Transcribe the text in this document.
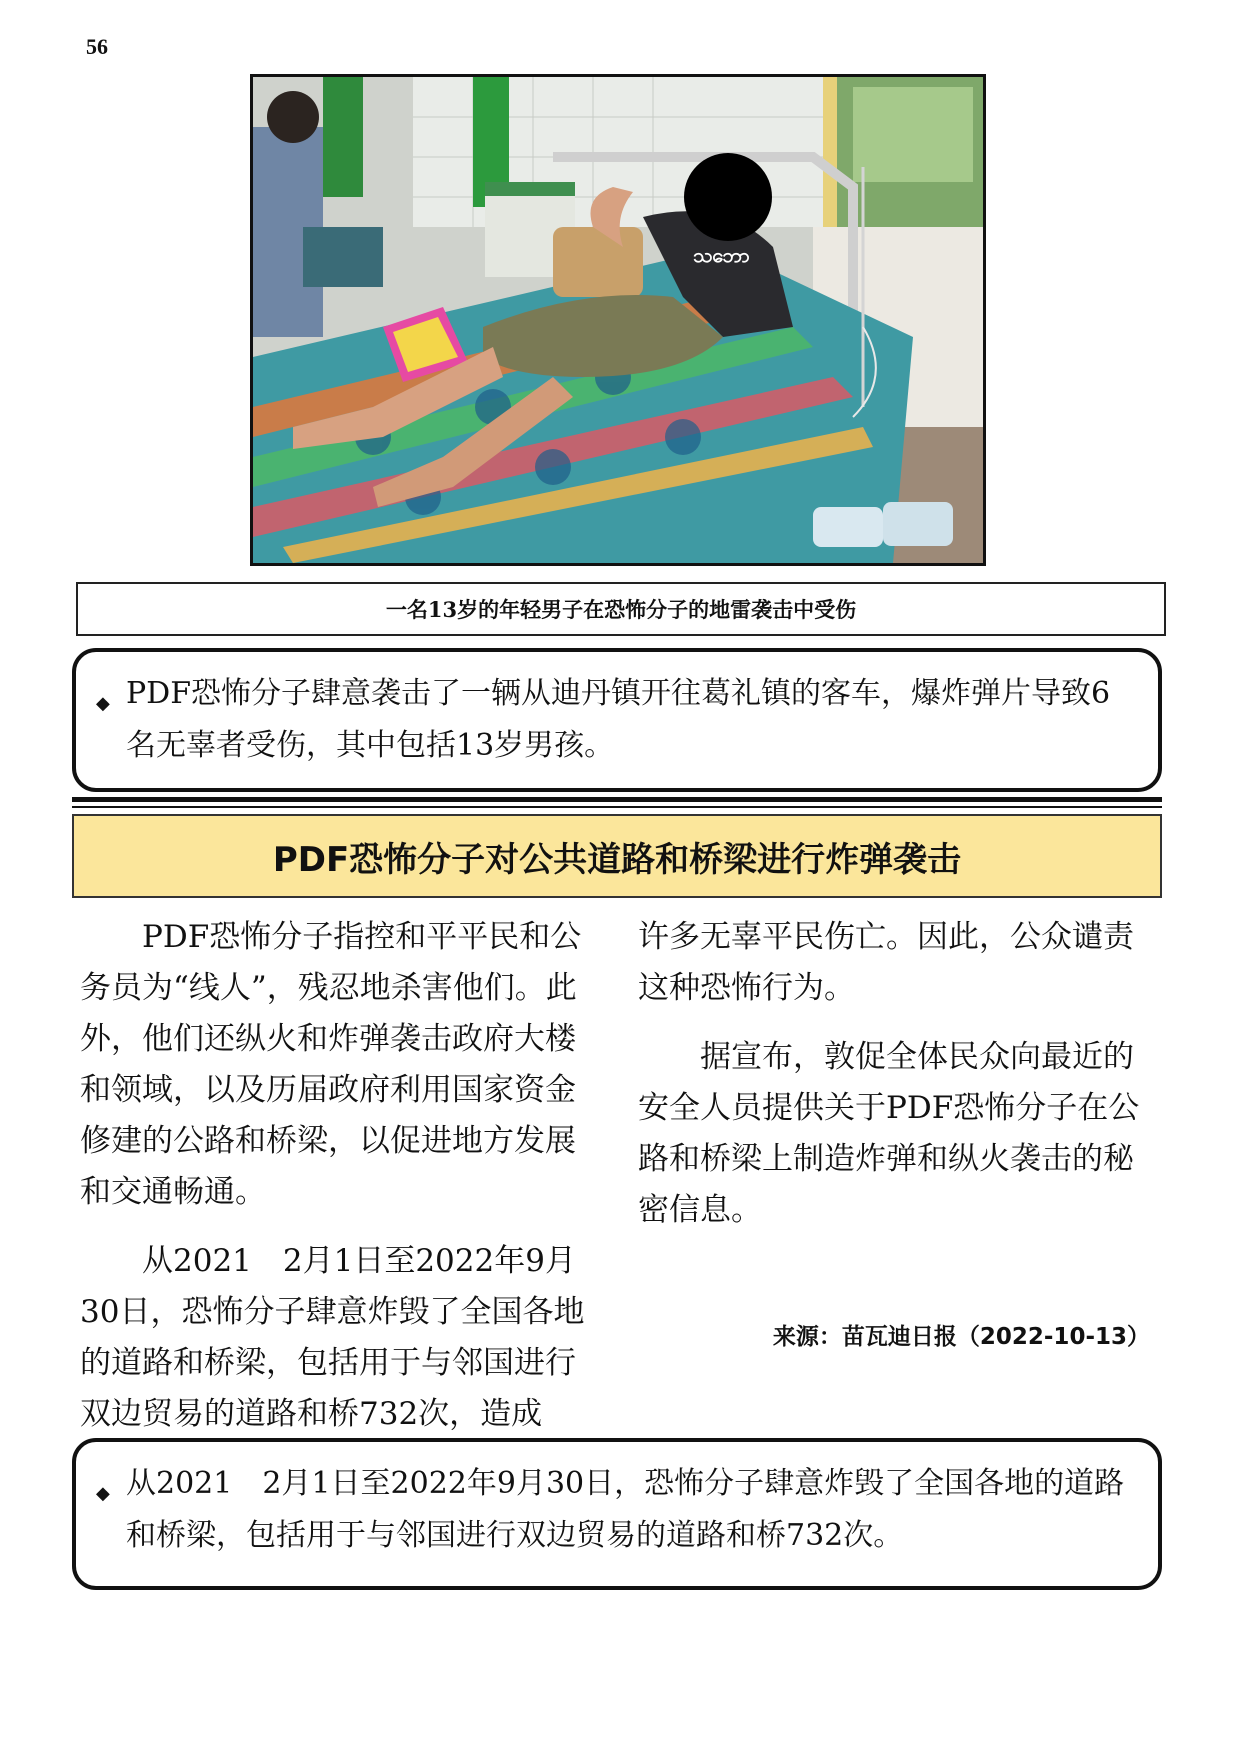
56
သဘော
一名13岁的年轻男子在恐怖分子的地雷袭击中受伤
◆ PDF恐怖分子肆意袭击了一辆从迪丹镇开往葛礼镇的客车，爆炸弹片导致6名无辜者受伤，其中包括13岁男孩。
PDF恐怖分子对公共道路和桥梁进行炸弹袭击

PDF恐怖分子指控和平平民和公务员为“线人”，残忍地杀害他们。此外，他们还纵火和炸弹袭击政府大楼和领域，以及历届政府利用国家资金修建的公路和桥梁，以促进地方发展和交通畅通。

从2021　2月1日至2022年9月30日，恐怖分子肆意炸毁了全国各地的道路和桥梁，包括用于与邻国进行双边贸易的道路和桥732次，造成

许多无辜平民伤亡。因此，公众谴责这种恐怖行为。

据宣布，敦促全体民众向最近的安全人员提供关于PDF恐怖分子在公路和桥梁上制造炸弹和纵火袭击的秘密信息。

来源：苗瓦迪日报（2022-10-13）
◆ 从2021　2月1日至2022年9月30日，恐怖分子肆意炸毁了全国各地的道路和桥梁，包括用于与邻国进行双边贸易的道路和桥732次。
